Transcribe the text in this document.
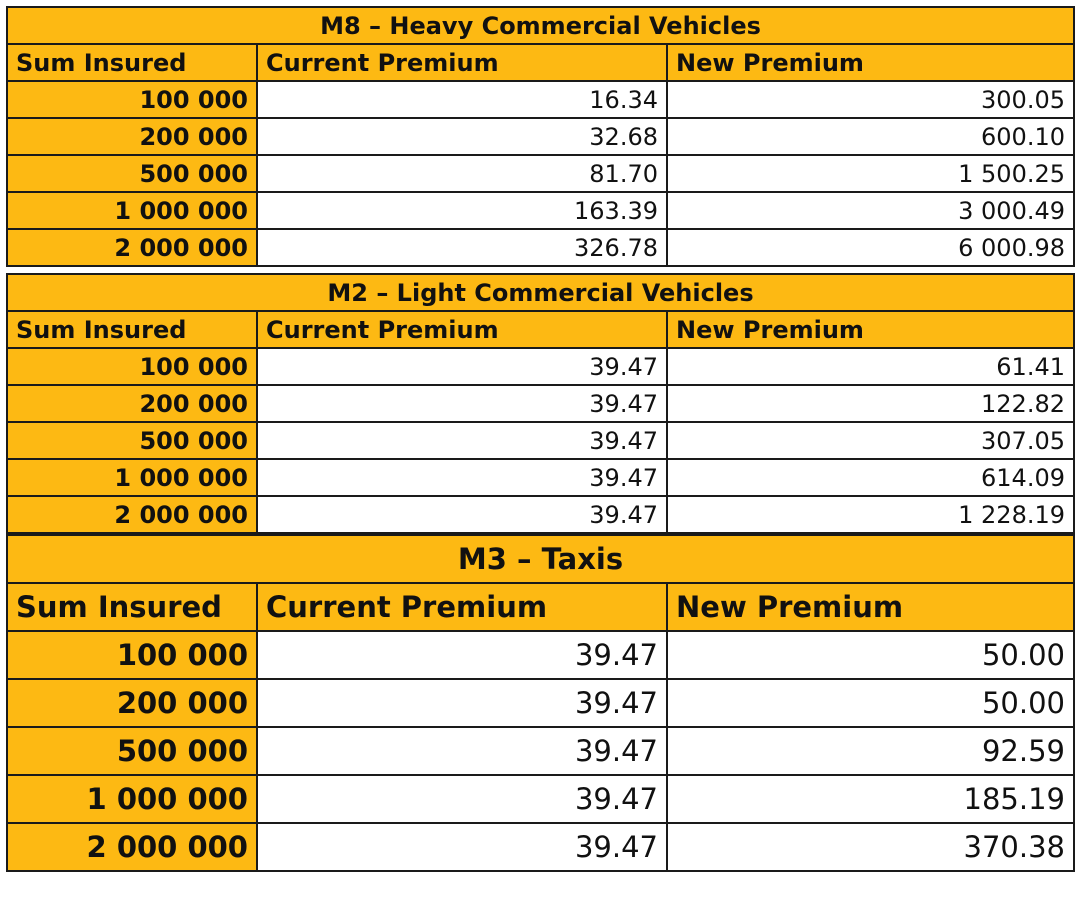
M8 – Heavy Commercial Vehicles		
Sum Insured	Current Premium	New Premium
100 000	16.34	300.05
200 000	32.68	600.10
500 000	81.70	1 500.25
1 000 000	163.39	3 000.49
2 000 000	326.78	6 000.98
M2 – Light Commercial Vehicles		
Sum Insured	Current Premium	New Premium
100 000	39.47	61.41
200 000	39.47	122.82
500 000	39.47	307.05
1 000 000	39.47	614.09
2 000 000	39.47	1 228.19
M3 – Taxis		
Sum Insured	Current Premium	New Premium
100 000	39.47	50.00
200 000	39.47	50.00
500 000	39.47	92.59
1 000 000	39.47	185.19
2 000 000	39.47	370.38
